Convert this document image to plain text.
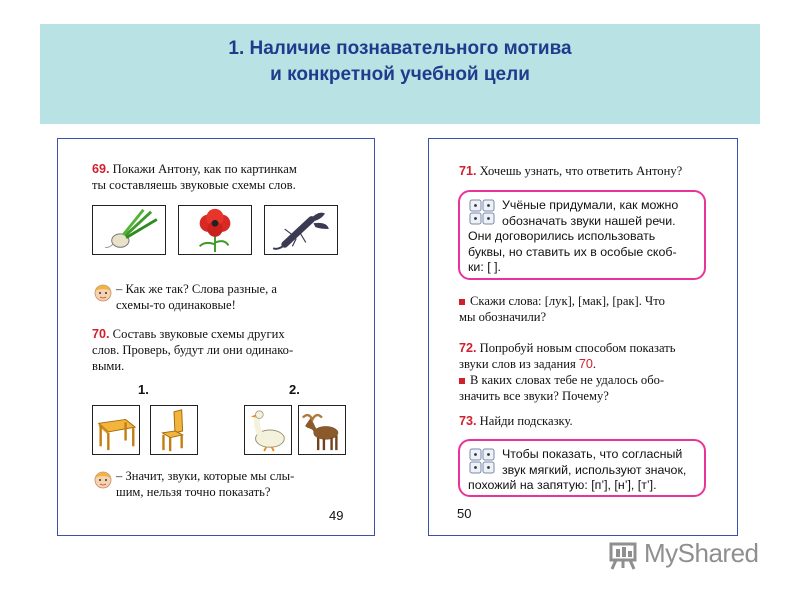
1. Наличие познавательного мотива
и конкретной учебной цели
69. Покажи Антону, как по картинкам
ты составляешь звуковые схемы слов.
– Как же так? Слова разные, а
схемы-то одинаковые!
70. Составь звуковые схемы других
слов. Проверь, будут ли они одинако-
выми.
1.	2.
– Значит, звуки, которые мы слы-
шим, нельзя точно показать?
49
71. Хочешь узнать, что ответить Антону?
Учёные придумали, как можно
обозначать звуки нашей речи.
Они договорились использовать
буквы, но ставить их в особые скоб-
ки: [ ].
Скажи слова: [лук], [мак], [рак]. Что
мы обозначили?
72. Попробуй новым способом показать
звуки слов из задания 70.
В каких словах тебе не удалось обо-
значить все звуки? Почему?
73. Найди подсказку.
Чтобы показать, что согласный
звук мягкий, используют значок,
похожий на запятую: [п’], [н’], [т’].
50
MyShared
